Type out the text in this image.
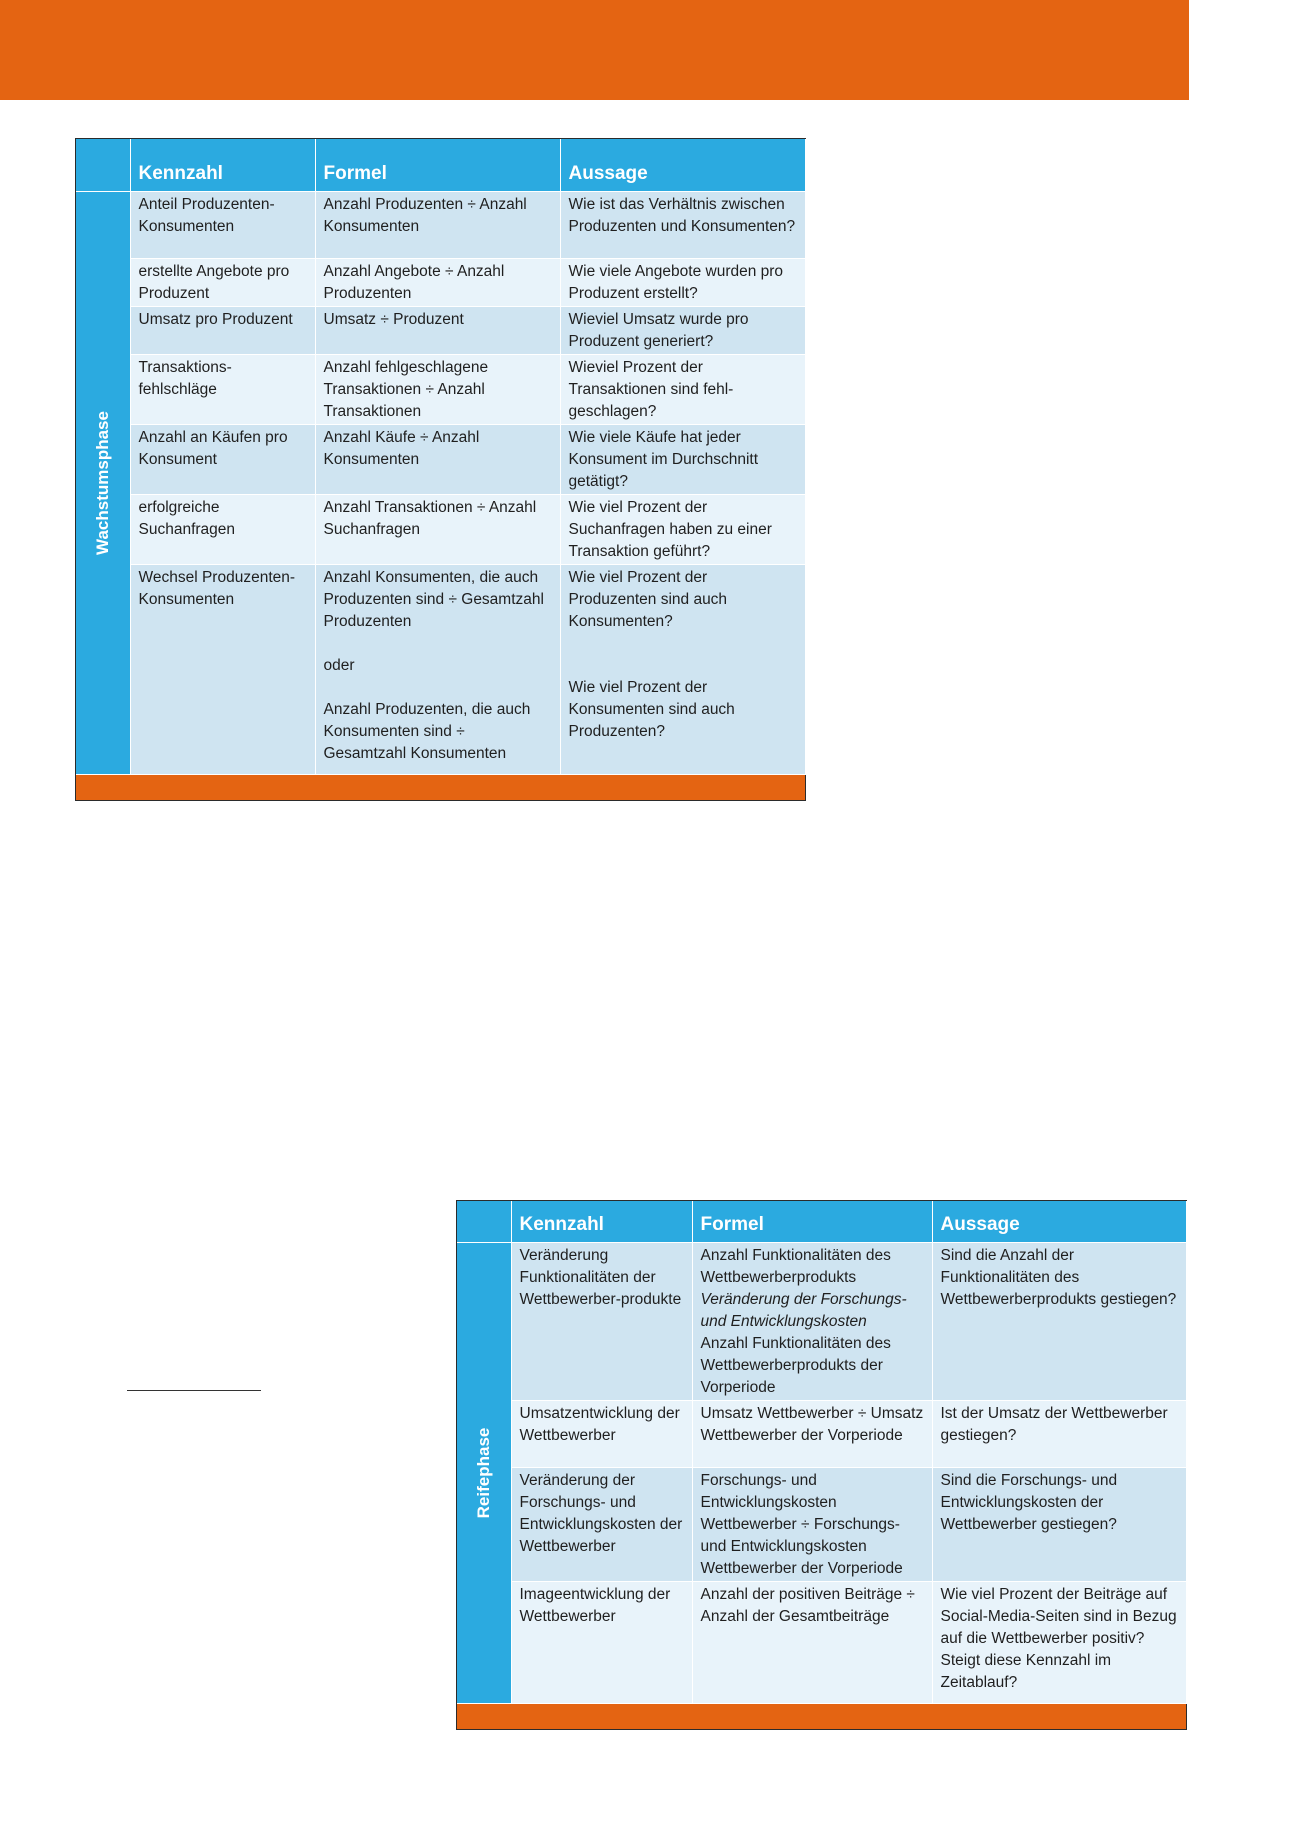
	Kennzahl	Formel	Aussage

Wachstumsphase	Anteil Produzenten-Konsumenten	Anzahl Produzenten ÷ Anzahl Konsumenten	Wie ist das Verhältnis zwischen Produzenten und Konsumenten?
	erstellte Angebote pro Produzent	Anzahl Angebote ÷ Anzahl Produzenten	Wie viele Angebote wurden pro Produzent erstellt?
	Umsatz pro Produzent	Umsatz ÷ Produzent	Wieviel Umsatz wurde pro Produzent generiert?
	Transaktions-fehlschläge	Anzahl fehlgeschlagene Transaktionen ÷ Anzahl Transaktionen	Wieviel Prozent der Transaktionen sind fehl-geschlagen?
	Anzahl an Käufen pro Konsument	Anzahl Käufe ÷ Anzahl Konsumenten	Wie viele Käufe hat jeder Konsument im Durchschnitt getätigt?
	erfolgreiche Suchanfragen	Anzahl Transaktionen ÷ Anzahl Suchanfragen	Wie viel Prozent der Suchanfragen haben zu einer Transaktion geführt?
	Wechsel Produzenten-Konsumenten	Anzahl Konsumenten, die auch Produzenten sind ÷ Gesamtzahl Produzenten
oder
Anzahl Produzenten, die auch Konsumenten sind ÷ Gesamtzahl Konsumenten	Wie viel Prozent der Produzenten sind auch Konsumenten?
Wie viel Prozent der Konsumenten sind auch Produzenten?
	Kennzahl	Formel	Aussage

Reifephase	Veränderung Funktionalitäten der Wettbewerber-produkte	Anzahl Funktionalitäten des Wettbewerberprodukts
Veränderung der Forschungs- und Entwicklungskosten
Anzahl Funktionalitäten des Wettbewerberprodukts der Vorperiode	Sind die Anzahl der Funktionalitäten des Wettbewerberprodukts gestiegen?
	Umsatzentwicklung der Wettbewerber	Umsatz Wettbewerber ÷ Umsatz Wettbewerber der Vorperiode	Ist der Umsatz der Wettbewerber gestiegen?
	Veränderung der Forschungs- und Entwicklungskosten der Wettbewerber	Forschungs- und Entwicklungskosten Wettbewerber ÷ Forschungs- und Entwicklungskosten Wettbewerber der Vorperiode	Sind die Forschungs- und Entwicklungskosten der Wettbewerber gestiegen?
	Imageentwicklung der Wettbewerber	Anzahl der positiven Beiträge ÷ Anzahl der Gesamtbeiträge	Wie viel Prozent der Beiträge auf Social-Media-Seiten sind in Bezug auf die Wettbewerber positiv? Steigt diese Kennzahl im Zeitablauf?
